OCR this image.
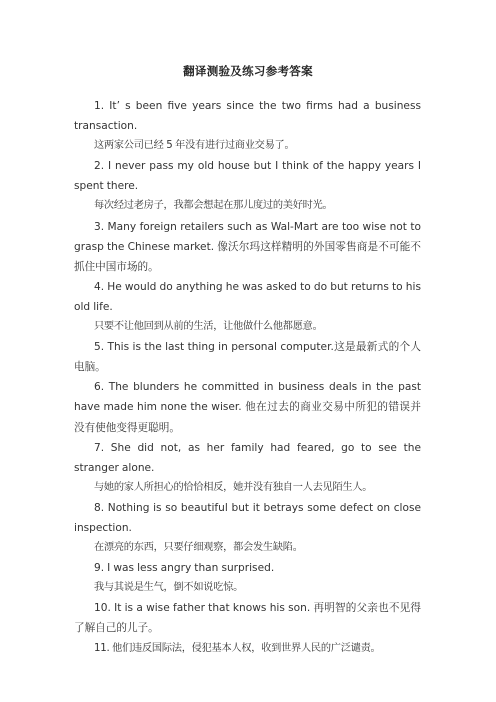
翻译测验及练习参考答案

1. It’ s been five years since the two firms had a business transaction.

这两家公司已经 5 年没有进行过商业交易了。

2. I never pass my old house but I think of the happy years I spent there.

每次经过老房子，我都会想起在那儿度过的美好时光。

3. Many foreign retailers such as Wal-Mart are too wise not to grasp the Chinese market. 像沃尔玛这样精明的外国零售商是不可能不抓住中国市场的。

4. He would do anything he was asked to do but returns to his old life.

只要不让他回到从前的生活，让他做什么他都愿意。

5. This is the last thing in personal computer.这是最新式的个人电脑。

6. The blunders he committed in business deals in the past have made him none the wiser. 他在过去的商业交易中所犯的错误并没有使他变得更聪明。

7. She did not, as her family had feared, go to see the stranger alone.

与她的家人所担心的恰恰相反，她并没有独自一人去见陌生人。

8. Nothing is so beautiful but it betrays some defect on close inspection.

在漂亮的东西，只要仔细观察，都会发生缺陷。

9. I was less angry than surprised.

我与其说是生气，倒不如说吃惊。

10. It is a wise father that knows his son. 再明智的父亲也不见得了解自己的儿子。

11. 他们违反国际法，侵犯基本人权，收到世界人民的广泛谴责。
